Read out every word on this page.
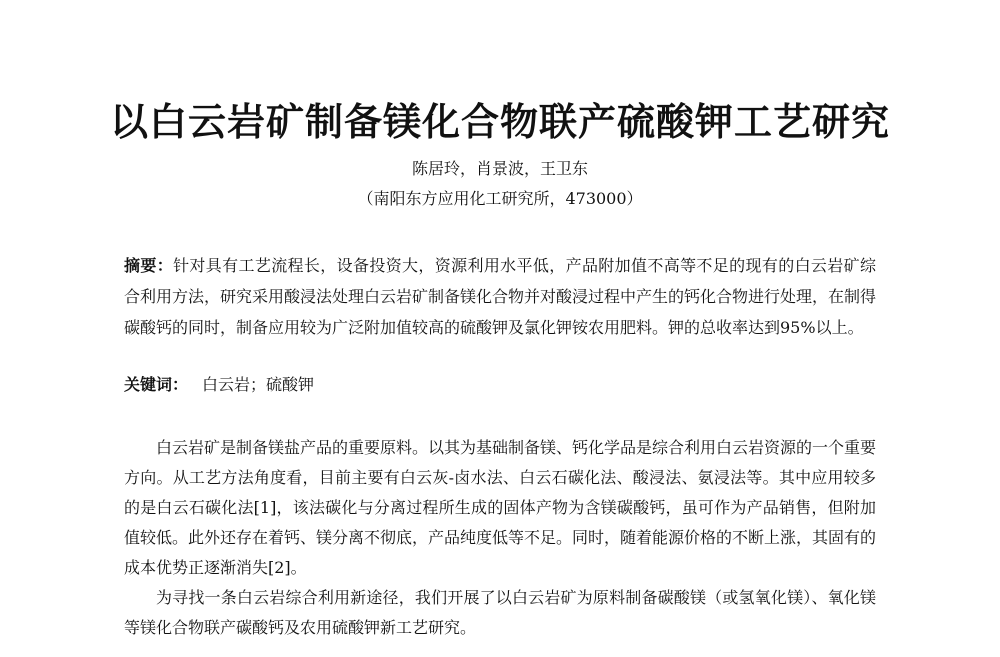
以白云岩矿制备镁化合物联产硫酸钾工艺研究
陈居玲，肖景波，王卫东
（南阳东方应用化工研究所，473000）

摘要：针对具有工艺流程长，设备投资大，资源利用水平低，产品附加值不高等不足的现有的白云岩矿综合利用方法，研究采用酸浸法处理白云岩矿制备镁化合物并对酸浸过程中产生的钙化合物进行处理，在制得碳酸钙的同时，制备应用较为广泛附加值较高的硫酸钾及氯化钾铵农用肥料。钾的总收率达到95%以上。

关键词： 白云岩；硫酸钾

白云岩矿是制备镁盐产品的重要原料。以其为基础制备镁、钙化学品是综合利用白云岩资源的一个重要方向。从工艺方法角度看，目前主要有白云灰-卤水法、白云石碳化法、酸浸法、氨浸法等。其中应用较多的是白云石碳化法[1]，该法碳化与分离过程所生成的固体产物为含镁碳酸钙，虽可作为产品销售，但附加值较低。此外还存在着钙、镁分离不彻底，产品纯度低等不足。同时，随着能源价格的不断上涨，其固有的成本优势正逐渐消失[2]。

为寻找一条白云岩综合利用新途径，我们开展了以白云岩矿为原料制备碳酸镁（或氢氧化镁）、氧化镁等镁化合物联产碳酸钙及农用硫酸钾新工艺研究。
